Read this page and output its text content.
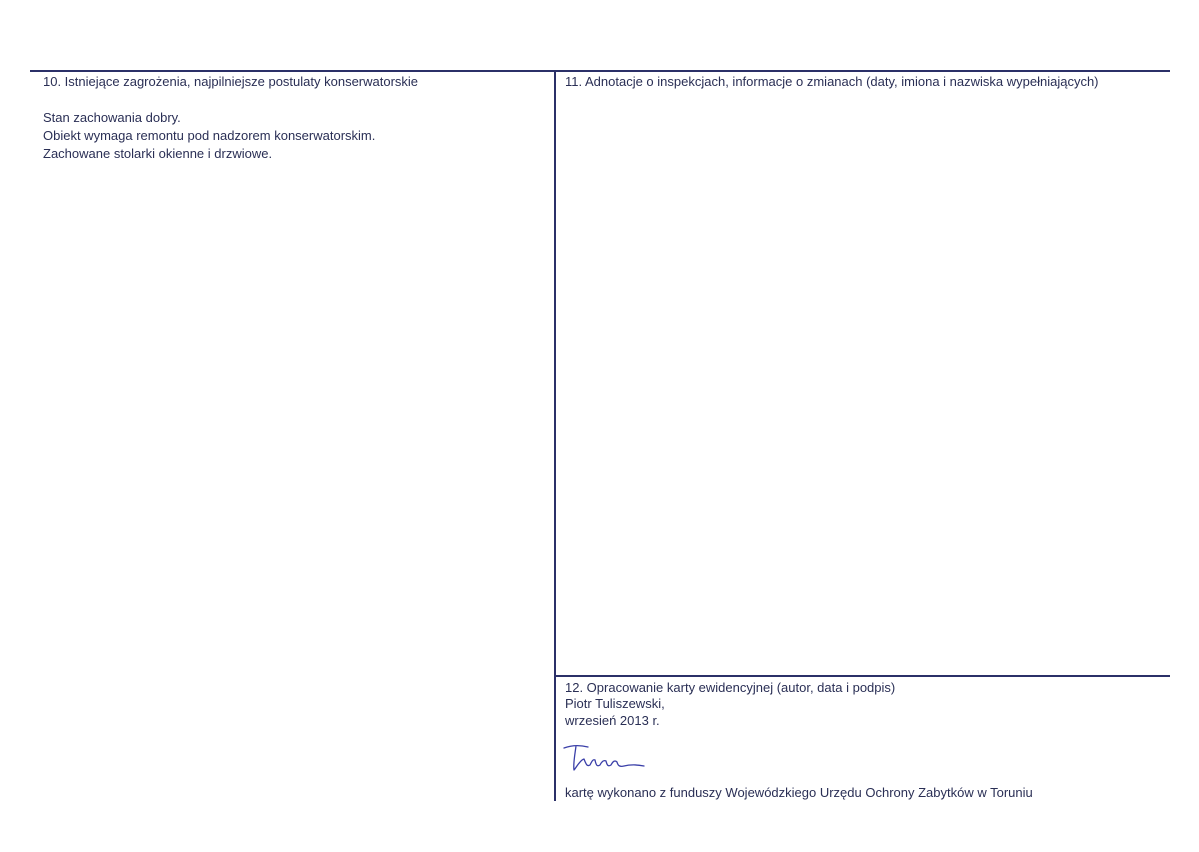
10. Istniejące zagrożenia, najpilniejsze postulaty konserwatorskie
Stan zachowania dobry.
Obiekt wymaga remontu pod nadzorem konserwatorskim.
Zachowane stolarki okienne i drzwiowe.
11. Adnotacje o inspekcjach, informacje o zmianach (daty, imiona i nazwiska wypełniających)
12. Opracowanie karty ewidencyjnej (autor, data i podpis)
Piotr Tuliszewski,
wrzesień 2013 r.
kartę wykonano z funduszy Wojewódzkiego Urzędu Ochrony Zabytków w Toruniu
